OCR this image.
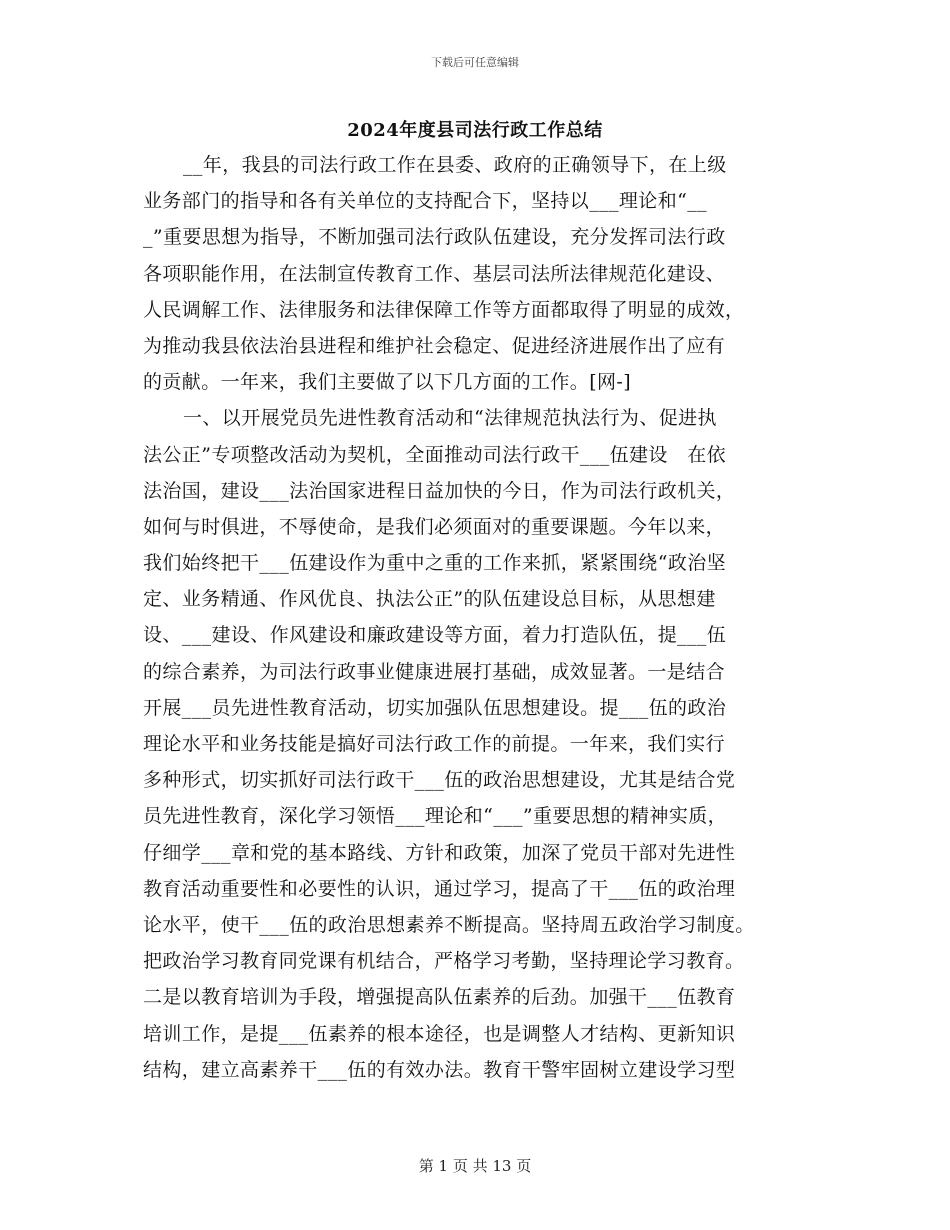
下载后可任意编辑
2024年度县司法行政工作总结
__年，我县的司法行政工作在县委、政府的正确领导下，在上级
业务部门的指导和各有关单位的支持配合下，坚持以___理论和“__
_”重要思想为指导，不断加强司法行政队伍建设，充分发挥司法行政
各项职能作用，在法制宣传教育工作、基层司法所法律规范化建设、
人民调解工作、法律服务和法律保障工作等方面都取得了明显的成效，
为推动我县依法治县进程和维护社会稳定、促进经济进展作出了应有
的贡献。一年来，我们主要做了以下几方面的工作。[网-]
一、以开展党员先进性教育活动和“法律规范执法行为、促进执
法公正”专项整改活动为契机，全面推动司法行政干___伍建设　在依
法治国，建设___法治国家进程日益加快的今日，作为司法行政机关，
如何与时俱进，不辱使命，是我们必须面对的重要课题。今年以来，
我们始终把干___伍建设作为重中之重的工作来抓，紧紧围绕“政治坚
定、业务精通、作风优良、执法公正”的队伍建设总目标，从思想建
设、___建设、作风建设和廉政建设等方面，着力打造队伍，提___伍
的综合素养，为司法行政事业健康进展打基础，成效显著。一是结合
开展___员先进性教育活动，切实加强队伍思想建设。提___伍的政治
理论水平和业务技能是搞好司法行政工作的前提。一年来，我们实行
多种形式，切实抓好司法行政干___伍的政治思想建设，尤其是结合党
员先进性教育，深化学习领悟___理论和“___”重要思想的精神实质，
仔细学___章和党的基本路线、方针和政策，加深了党员干部对先进性
教育活动重要性和必要性的认识，通过学习，提高了干___伍的政治理
论水平，使干___伍的政治思想素养不断提高。坚持周五政治学习制度。
把政治学习教育同党课有机结合，严格学习考勤，坚持理论学习教育。
二是以教育培训为手段，增强提高队伍素养的后劲。加强干___伍教育
培训工作，是提___伍素养的根本途径，也是调整人才结构、更新知识
结构，建立高素养干___伍的有效办法。教育干警牢固树立建设学习型
第 1 页 共 13 页
